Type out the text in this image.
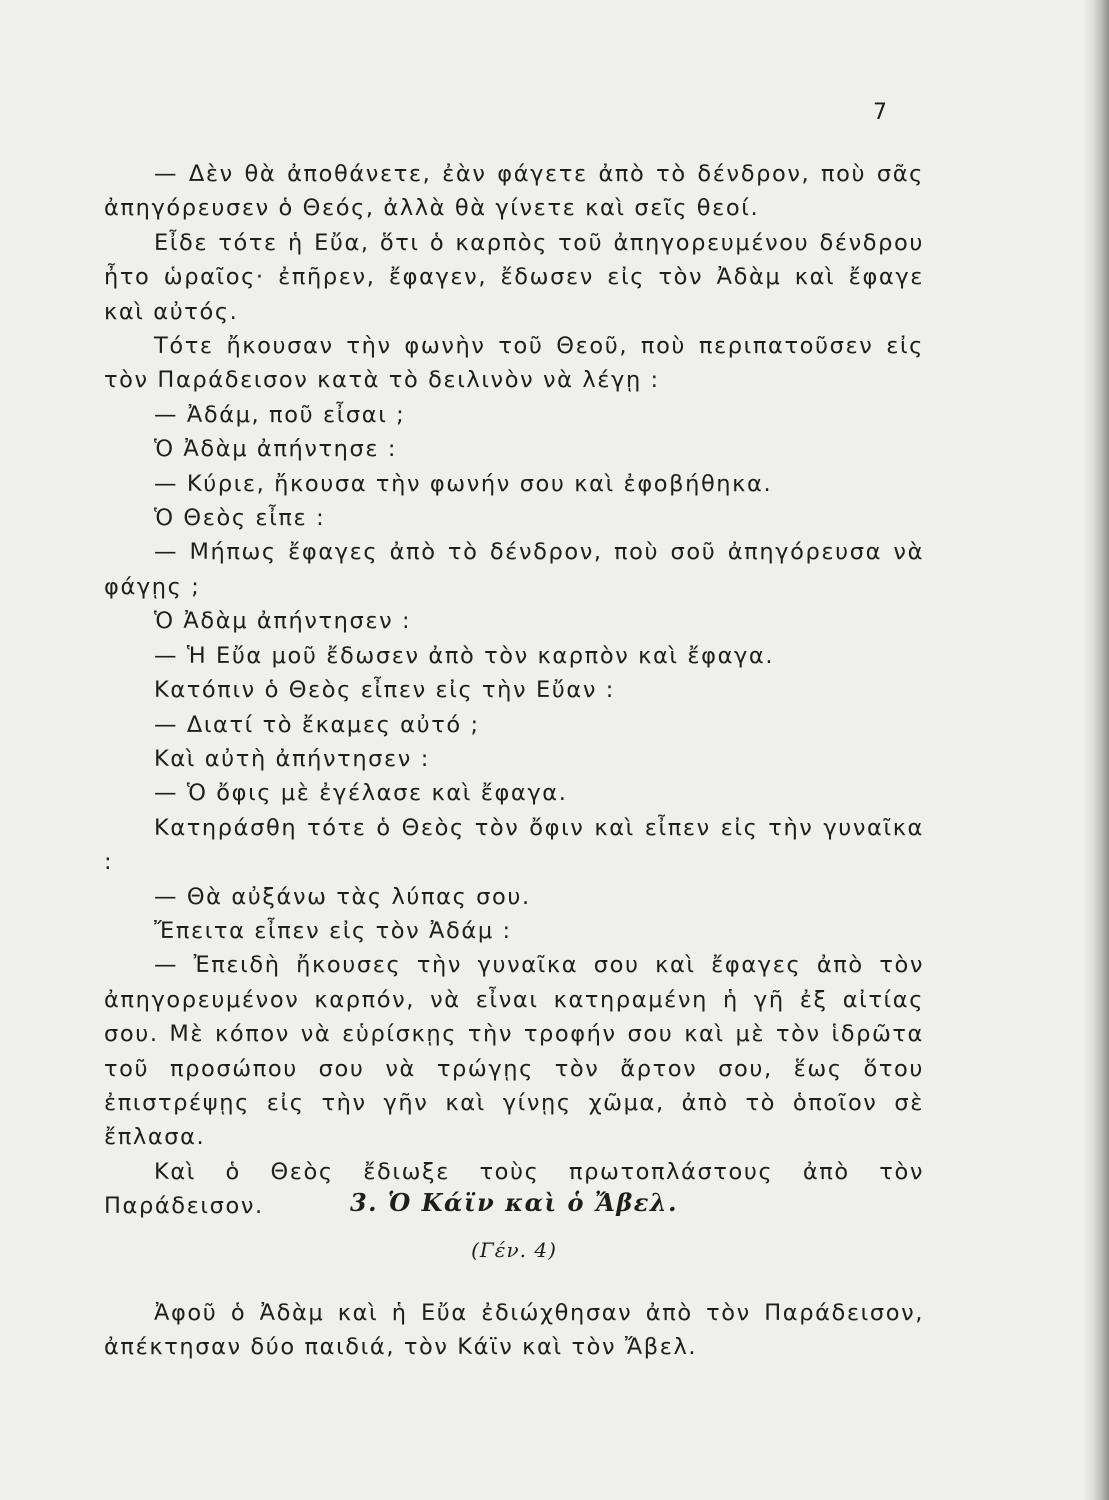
7

— Δὲν θὰ ἀποθάνετε, ἐὰν φάγετε ἀπὸ τὸ δένδρον, ποὺ σᾶς ἀπηγόρευσεν ὁ Θεός, ἀλλὰ θὰ γίνετε καὶ σεῖς θεοί.

Εἶδε τότε ἡ Εὔα, ὅτι ὁ καρπὸς τοῦ ἀπηγορευμένου δένδρου ἦτο ὡραῖος· ἐπῆρεν, ἔφαγεν, ἔδωσεν εἰς τὸν Ἀδὰμ καὶ ἔφαγε καὶ αὐτός.

Τότε ἤκουσαν τὴν φωνὴν τοῦ Θεοῦ, ποὺ περιπατοῦσεν εἰς τὸν Παράδεισον κατὰ τὸ δειλινὸν νὰ λέγῃ :

— Ἀδάμ, ποῦ εἶσαι ;

Ὁ Ἀδὰμ ἀπήντησε :

— Κύριε, ἤκουσα τὴν φωνήν σου καὶ ἐφοβήθηκα.

Ὁ Θεὸς εἶπε :

— Μήπως ἔφαγες ἀπὸ τὸ δένδρον, ποὺ σοῦ ἀπηγόρευσα νὰ φάγῃς ;

Ὁ Ἀδὰμ ἀπήντησεν :

— Ἡ Εὔα μοῦ ἔδωσεν ἀπὸ τὸν καρπὸν καὶ ἔφαγα.

Κατόπιν ὁ Θεὸς εἶπεν εἰς τὴν Εὔαν :

— Διατί τὸ ἔκαμες αὐτό ;

Καὶ αὐτὴ ἀπήντησεν :

— Ὁ ὄφις μὲ ἐγέλασε καὶ ἔφαγα.

Κατηράσθη τότε ὁ Θεὸς τὸν ὄφιν καὶ εἶπεν εἰς τὴν γυναῖκα :

— Θὰ αὐξάνω τὰς λύπας σου.

Ἔπειτα εἶπεν εἰς τὸν Ἀδάμ :

— Ἐπειδὴ ἤκουσες τὴν γυναῖκα σου καὶ ἔφαγες ἀπὸ τὸν ἀπηγορευμένον καρπόν, νὰ εἶναι κατηραμένη ἡ γῆ ἐξ αἰτίας σου. Μὲ κόπον νὰ εὑρίσκῃς τὴν τροφήν σου καὶ μὲ τὸν ἱδρῶτα τοῦ προσώπου σου νὰ τρώγῃς τὸν ἄρτον σου, ἕως ὅτου ἐπιστρέψῃς εἰς τὴν γῆν καὶ γίνῃς χῶμα, ἀπὸ τὸ ὁποῖον σὲ ἔπλασα.

Καὶ ὁ Θεὸς ἔδιωξε τοὺς πρωτοπλάστους ἀπὸ τὸν Παράδεισον.	3. Ὁ Κάϊν καὶ ὁ Ἄβελ.
(Γέν. 4)

Ἀφοῦ ὁ Ἀδὰμ καὶ ἡ Εὔα ἐδιώχθησαν ἀπὸ τὸν Παράδεισον, ἀπέκτησαν δύο παιδιά, τὸν Κάϊν καὶ τὸν Ἄβελ.
